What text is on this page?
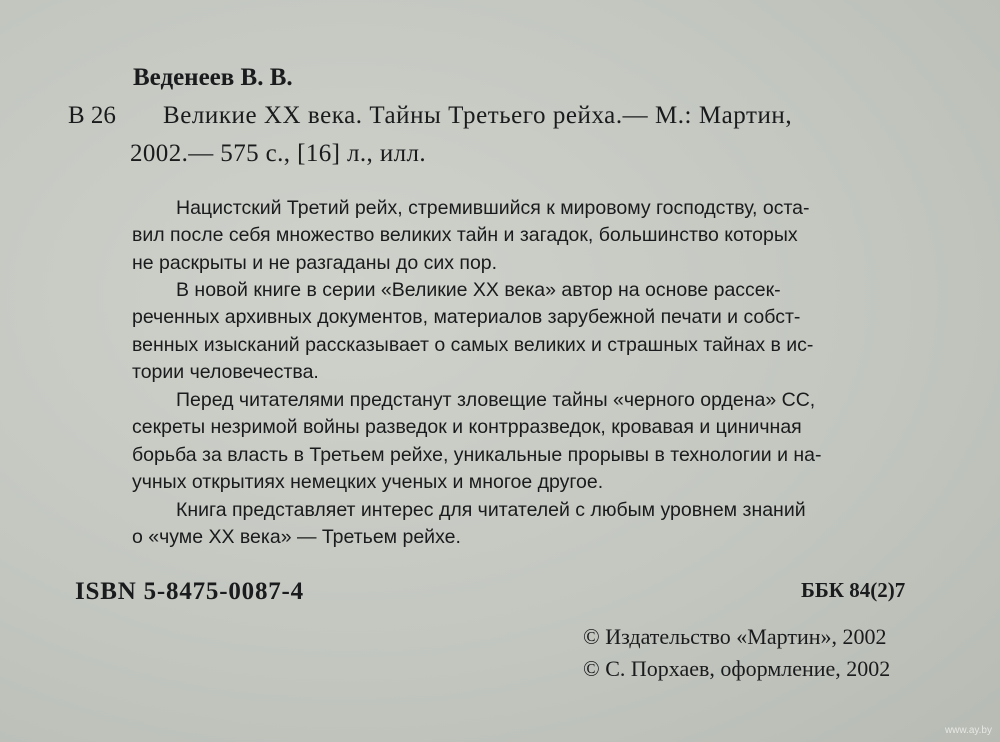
Веденеев В. В.
В 26 Великие XX века. Тайны Третьего рейха.— М.: Мартин,
2002.— 575 с., [16] л., илл.
Нацистский Третий рейх, стремившийся к мировому господству, оста-
вил после себя множество великих тайн и загадок, большинство которых
не раскрыты и не разгаданы до сих пор.
В новой книге в серии «Великие XX века» автор на основе рассек-
реченных архивных документов, материалов зарубежной печати и собст-
венных изысканий рассказывает о самых великих и страшных тайнах в ис-
тории человечества.
Перед читателями предстанут зловещие тайны «черного ордена» СС,
секреты незримой войны разведок и контрразведок, кровавая и циничная
борьба за власть в Третьем рейхе, уникальные прорывы в технологии и на-
учных открытиях немецких ученых и многое другое.
Книга представляет интерес для читателей с любым уровнем знаний
о «чуме XX века» — Третьем рейхе.
ISBN 5-8475-0087-4	ББК 84(2)7
© Издательство «Мартин», 2002
© С. Порхаев, оформление, 2002
www.ay.by
